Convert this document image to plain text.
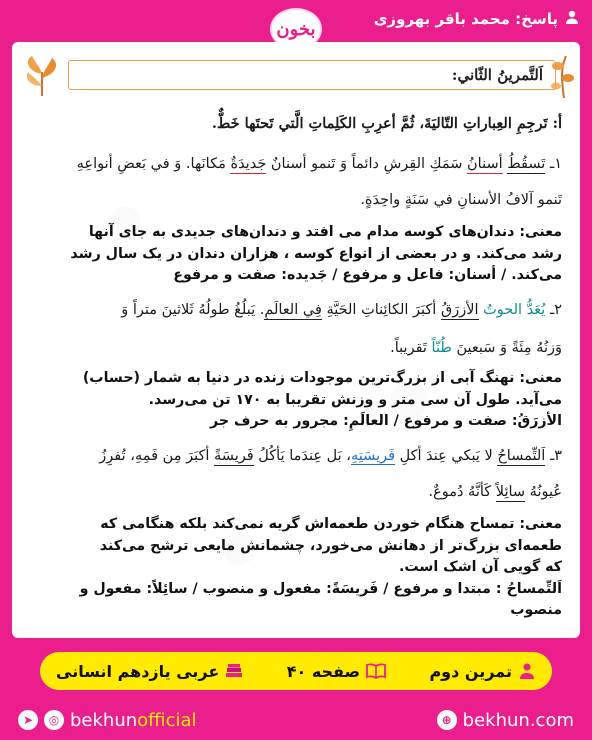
پاسخ: محمد باقر بهروزی
بخون
اَلتَّمرینُ الثّاني:
أ: تَرجِمِ العِباراتِ التّاليَةَ، ثُمَّ أعرِبِ الكَلِماتِ الَّتي تَحتَها خَطٌّ.
۱ـ تَسقُطُ أسنانُ سَمَكِ القِرشِ دائماً وَ تَنمو أسنانٌ جَديدَةٌ مَكانَها. وَ في بَعضِ أنواعِهِ
تَنمو آلافُ الأسنانِ في سَنَةٍ واحِدَةٍ.
معنی: دندان‌های کوسه مدام می افتد و دندان‌های جدیدی به جای آنها
رشد می‌کند. و در بعضی از انواع کوسه ، هزاران دندان در یک سال رشد
می‌کند. / أسنان: فاعل و مرفوع / جَدیده: صفت و مرفوع
۲ـ يُعَدُّ الحوتُ الأزرَقُ أكبَرَ الكائِناتِ الحَيَّةِ فِي العالَمِ. يَبلُغُ طولُهُ ثَلاثينَ متراً وَ
وَزنُهُ مِئَةً وَ سَبعينَ طُنّاً تَقريباً.
معنی: نهنگ آبی از بزرگ‌ترین موجودات زنده در دنیا به شمار (حساب)
می‌آید. طول آن سی متر و وزنش تقریبا به ۱۷۰ تن می‌رسد.
الأزرَقُ: صفت و مرفوع / العالَمِ: مجرور به حرف جر
۳ـ اَلتِّمساحُ لا يَبكي عِندَ أكلِ فَريسَتِهِ، بَل عِندَما يَأكُلُ فَريسَةً أكبَرَ مِن فَمِهِ، تُفرِزُ
عُيونُهُ سائِلاً كَأنَّهُ دُموعٌ.
معنی: تمساح هنگام خوردن طعمه‌اش گریه نمی‌کند بلکه هنگامی که
طعمه‌ای بزرگ‌تر از دهانش می‌خورد، چشمانش مایعی ترشح می‌کند
که گویی آن اشک است.
اَلتِّمساحُ : مبتدا و مرفوع / فَریسَةً: مفعول و منصوب / سائِلاً: مفعول و
منصوب
تمرین دوم
صفحه ۴۰
عربی یازدهم انسانی
➤	◎ bekhunofficial	⊕ bekhun.com
